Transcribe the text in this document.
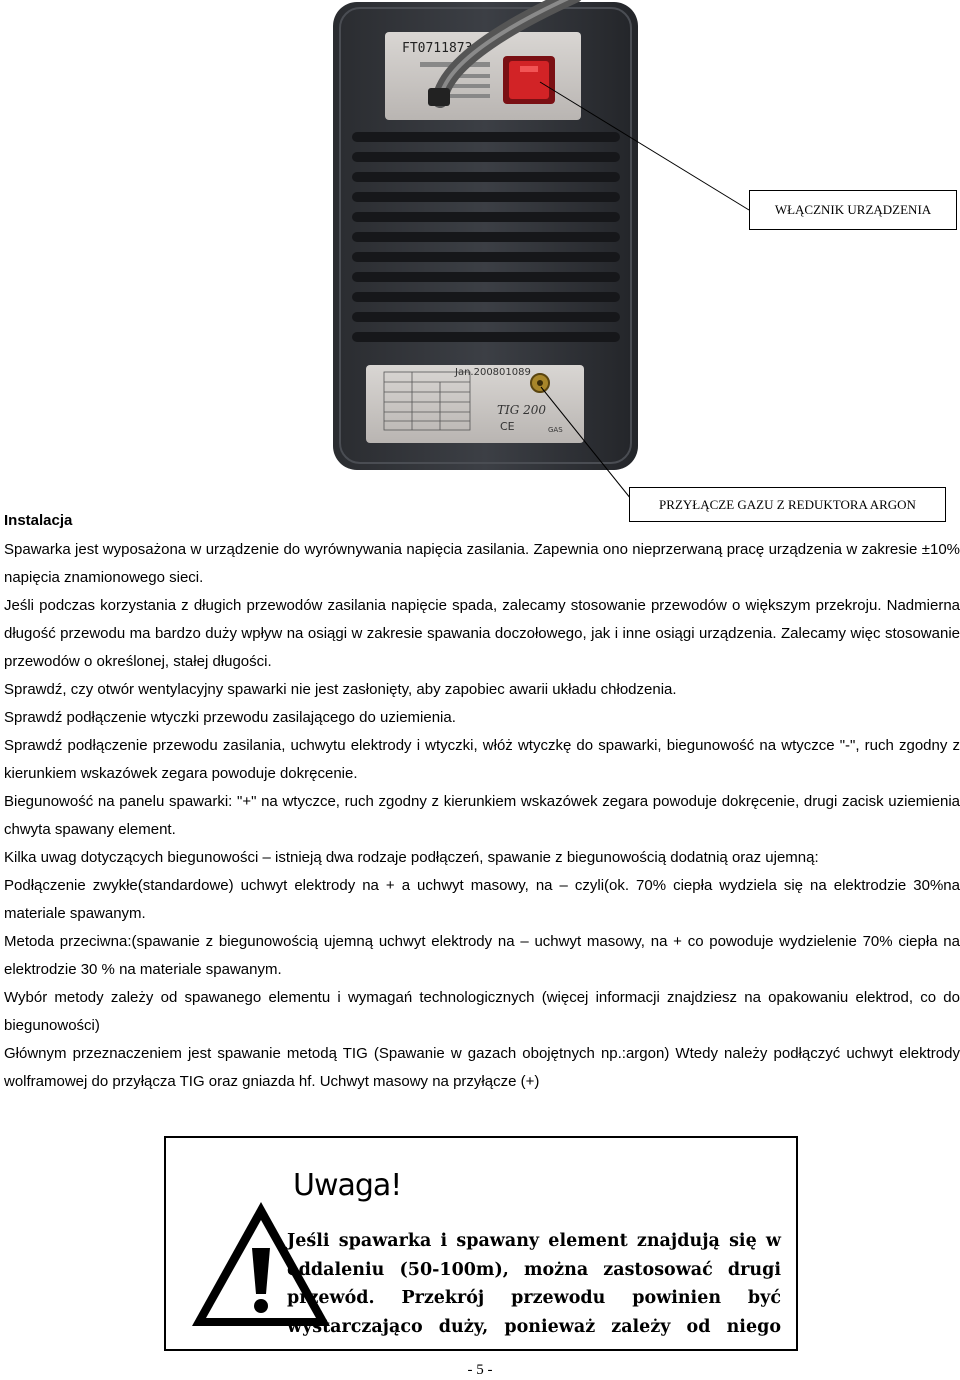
FT0711873
Jan.200801089
TIG 200
CE	GAS
WŁĄCZNIK URZĄDZENIA
PRZYŁĄCZE GAZU Z REDUKTORA ARGON
Instalacja

Spawarka jest wyposażona w urządzenie do wyrównywania napięcia zasilania. Zapewnia ono nieprzerwaną pracę urządzenia w zakresie ±10% napięcia znamionowego sieci.

Jeśli podczas korzystania z długich przewodów zasilania napięcie spada, zalecamy stosowanie przewodów o większym przekroju. Nadmierna długość przewodu ma bardzo duży wpływ na osiągi w zakresie spawania doczołowego, jak i inne osiągi urządzenia. Zalecamy więc stosowanie przewodów o określonej, stałej długości.

Sprawdź, czy otwór wentylacyjny spawarki nie jest zasłonięty, aby zapobiec awarii układu chłodzenia.

Sprawdź podłączenie wtyczki przewodu zasilającego do uziemienia.

Sprawdź podłączenie przewodu zasilania, uchwytu elektrody i wtyczki, włóż wtyczkę do spawarki, biegunowość na wtyczce "-", ruch zgodny z kierunkiem wskazówek zegara powoduje dokręcenie.

Biegunowość na panelu spawarki: "+" na wtyczce, ruch zgodny z kierunkiem wskazówek zegara powoduje dokręcenie, drugi zacisk uziemienia chwyta spawany element.

Kilka uwag dotyczących biegunowości – istnieją dwa rodzaje podłączeń, spawanie z biegunowością dodatnią oraz ujemną:

Podłączenie zwykłe(standardowe) uchwyt elektrody na + a uchwyt masowy, na – czyli(ok. 70% ciepła wydziela się na elektrodzie 30%na materiale spawanym.

Metoda przeciwna:(spawanie z biegunowością ujemną uchwyt elektrody na – uchwyt masowy, na + co powoduje wydzielenie 70% ciepła na elektrodzie 30 % na materiale spawanym.

Wybór metody zależy od spawanego elementu i wymagań technologicznych (więcej informacji znajdziesz na opakowaniu elektrod, co do biegunowości)

Głównym przeznaczeniem jest spawanie metodą TIG (Spawanie w gazach obojętnych np.:argon) Wtedy należy podłączyć uchwyt elektrody wolframowej do przyłącza TIG oraz gniazda hf. Uchwyt masowy na przyłącze (+)

Uwaga!
Jeśli spawarka i spawany element znajdują się w oddaleniu (50-100m), można zastosować drugi przewód. Przekrój przewodu powinien być wystarczająco duży, ponieważ zależy od niego
- 5 -
